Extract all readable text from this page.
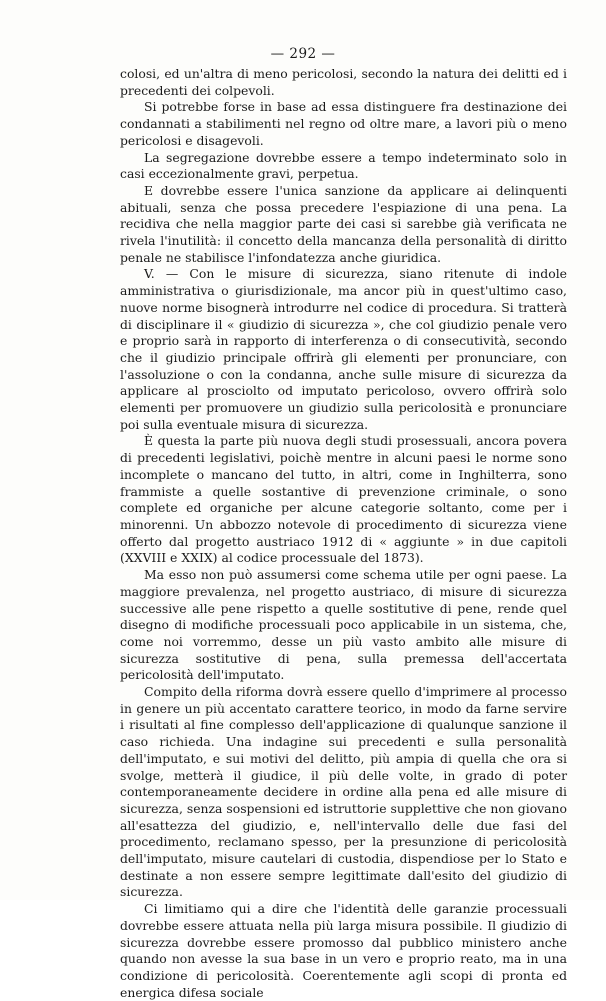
— 292 —

colosi, ed un'altra di meno pericolosi, secondo la natura dei delitti ed i precedenti dei colpevoli.

Si potrebbe forse in base ad essa distinguere fra destinazione dei condannati a stabilimenti nel regno od oltre mare, a lavori più o meno pericolosi e disagevoli.

La segregazione dovrebbe essere a tempo indeterminato solo in casi eccezionalmente gravi, perpetua.

E dovrebbe essere l'unica sanzione da applicare ai delinquenti abituali, senza che possa precedere l'espiazione di una pena. La recidiva che nella maggior parte dei casi si sarebbe già verificata ne rivela l'inutilità: il concetto della mancanza della personalità di diritto penale ne stabilisce l'infondatezza anche giuridica.

V. — Con le misure di sicurezza, siano ritenute di indole amministrativa o giurisdizionale, ma ancor più in quest'ultimo caso, nuove norme bisognerà introdurre nel codice di procedura. Si tratterà di disciplinare il « giudizio di sicurezza », che col giudizio penale vero e proprio sarà in rapporto di interferenza o di consecutività, secondo che il giudizio principale offrirà gli elementi per pronunciare, con l'assoluzione o con la condanna, anche sulle misure di sicurezza da applicare al prosciolto od imputato pericoloso, ovvero offrirà solo elementi per promuovere un giudizio sulla pericolosità e pronunciare poi sulla eventuale misura di sicurezza.

È questa la parte più nuova degli studi prosessuali, ancora povera di precedenti legislativi, poichè mentre in alcuni paesi le norme sono incomplete o mancano del tutto, in altri, come in Inghilterra, sono frammiste a quelle sostantive di prevenzione criminale, o sono complete ed organiche per alcune categorie soltanto, come per i minorenni. Un abbozzo notevole di procedimento di sicurezza viene offerto dal progetto austriaco 1912 di « aggiunte » in due capitoli (XXVIII e XXIX) al codice processuale del 1873).

Ma esso non può assumersi come schema utile per ogni paese. La maggiore prevalenza, nel progetto austriaco, di misure di sicurezza successive alle pene rispetto a quelle sostitutive di pene, rende quel disegno di modifiche processuali poco applicabile in un sistema, che, come noi vorremmo, desse un più vasto ambito alle misure di sicurezza sostitutive di pena, sulla premessa dell'accertata pericolosità dell'imputato.

Compito della riforma dovrà essere quello d'imprimere al processo in genere un più accentato carattere teorico, in modo da farne servire i risultati al fine complesso dell'applicazione di qualunque sanzione il caso richieda. Una indagine sui precedenti e sulla personalità dell'imputato, e sui motivi del delitto, più ampia di quella che ora si svolge, metterà il giudice, il più delle volte, in grado di poter contemporaneamente decidere in ordine alla pena ed alle misure di sicurezza, senza sospensioni ed istruttorie supplettive che non giovano all'esattezza del giudizio, e, nell'intervallo delle due fasi del procedimento, reclamano spesso, per la presunzione di pericolosità dell'imputato, misure cautelari di custodia, dispendiose per lo Stato e destinate a non essere sempre legittimate dall'esito del giudizio di sicurezza.

Ci limitiamo qui a dire che l'identità delle garanzie processuali dovrebbe essere attuata nella più larga misura possibile. Il giudizio di sicurezza dovrebbe essere promosso dal pubblico ministero anche quando non avesse la sua base in un vero e proprio reato, ma in una condizione di pericolosità. Coerentemente agli scopi di pronta ed energica difesa sociale
